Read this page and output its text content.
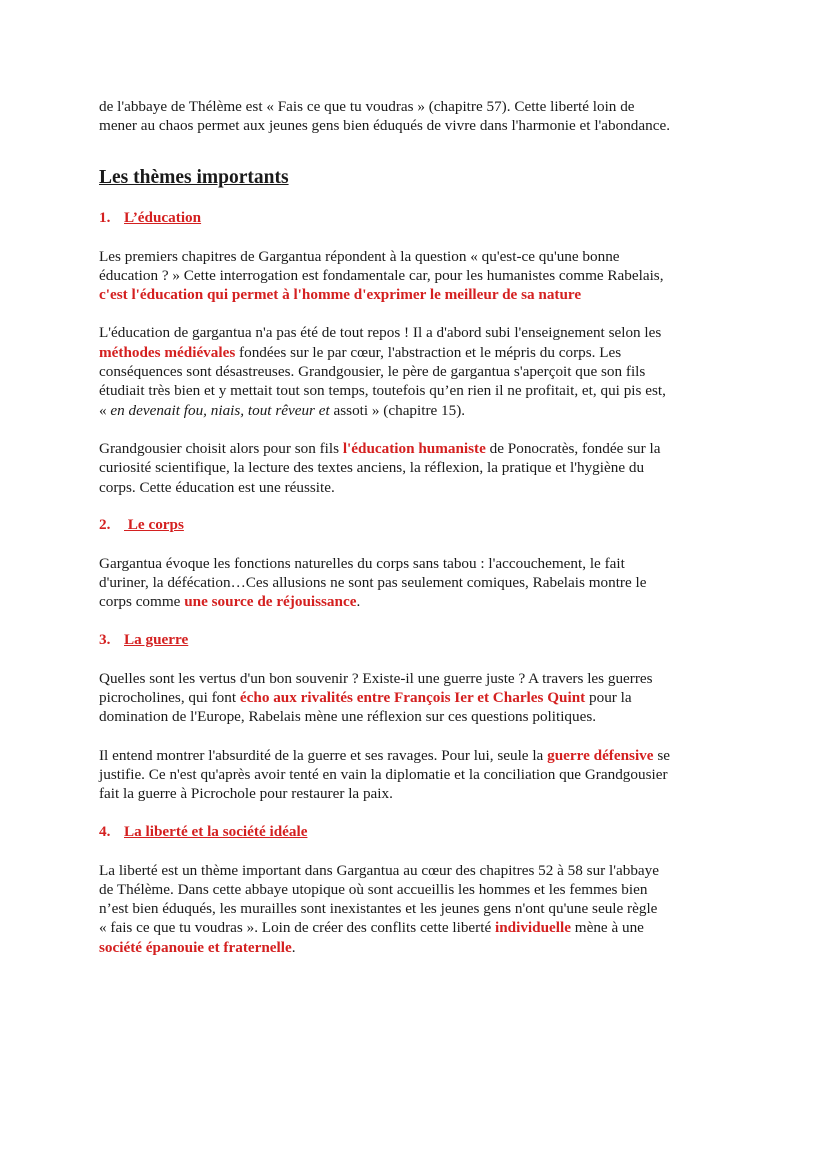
de l'abbaye de Thélème est « Fais ce que tu voudras » (chapitre 57). Cette liberté loin de
mener au chaos permet aux jeunes gens bien éduqués de vivre dans l'harmonie et l'abondance.

Les thèmes importants
1. L’éducation

Les premiers chapitres de Gargantua répondent à la question « qu'est-ce qu'une bonne
éducation ? » Cette interrogation est fondamentale car, pour les humanistes comme Rabelais,
c'est l'éducation qui permet à l'homme d'exprimer le meilleur de sa nature

L'éducation de gargantua n'a pas été de tout repos ! Il a d'abord subi l'enseignement selon les
méthodes médiévales fondées sur le par cœur, l'abstraction et le mépris du corps. Les
conséquences sont désastreuses. Grandgousier, le père de gargantua s'aperçoit que son fils
étudiait très bien et y mettait tout son temps, toutefois qu’en rien il ne profitait, et, qui pis est,
« en devenait fou, niais, tout rêveur et assoti » (chapitre 15).

Grandgousier choisit alors pour son fils l'éducation humaniste de Ponocratès, fondée sur la
curiosité scientifique, la lecture des textes anciens, la réflexion, la pratique et l'hygiène du
corps. Cette éducation est une réussite.

2. Le corps

Gargantua évoque les fonctions naturelles du corps sans tabou : l'accouchement, le fait
d'uriner, la défécation…Ces allusions ne sont pas seulement comiques, Rabelais montre le
corps comme une source de réjouissance.

3. La guerre

Quelles sont les vertus d'un bon souvenir ? Existe-il une guerre juste ? A travers les guerres
picrocholines, qui font écho aux rivalités entre François Ier et Charles Quint pour la
domination de l'Europe, Rabelais mène une réflexion sur ces questions politiques.

Il entend montrer l'absurdité de la guerre et ses ravages. Pour lui, seule la guerre défensive se
justifie. Ce n'est qu'après avoir tenté en vain la diplomatie et la conciliation que Grandgousier
fait la guerre à Picrochole pour restaurer la paix.

4. La liberté et la société idéale

La liberté est un thème important dans Gargantua au cœur des chapitres 52 à 58 sur l'abbaye
de Thélème. Dans cette abbaye utopique où sont accueillis les hommes et les femmes bien
n’est bien éduqués, les murailles sont inexistantes et les jeunes gens n'ont qu'une seule règle
« fais ce que tu voudras ». Loin de créer des conflits cette liberté individuelle mène à une
société épanouie et fraternelle.
